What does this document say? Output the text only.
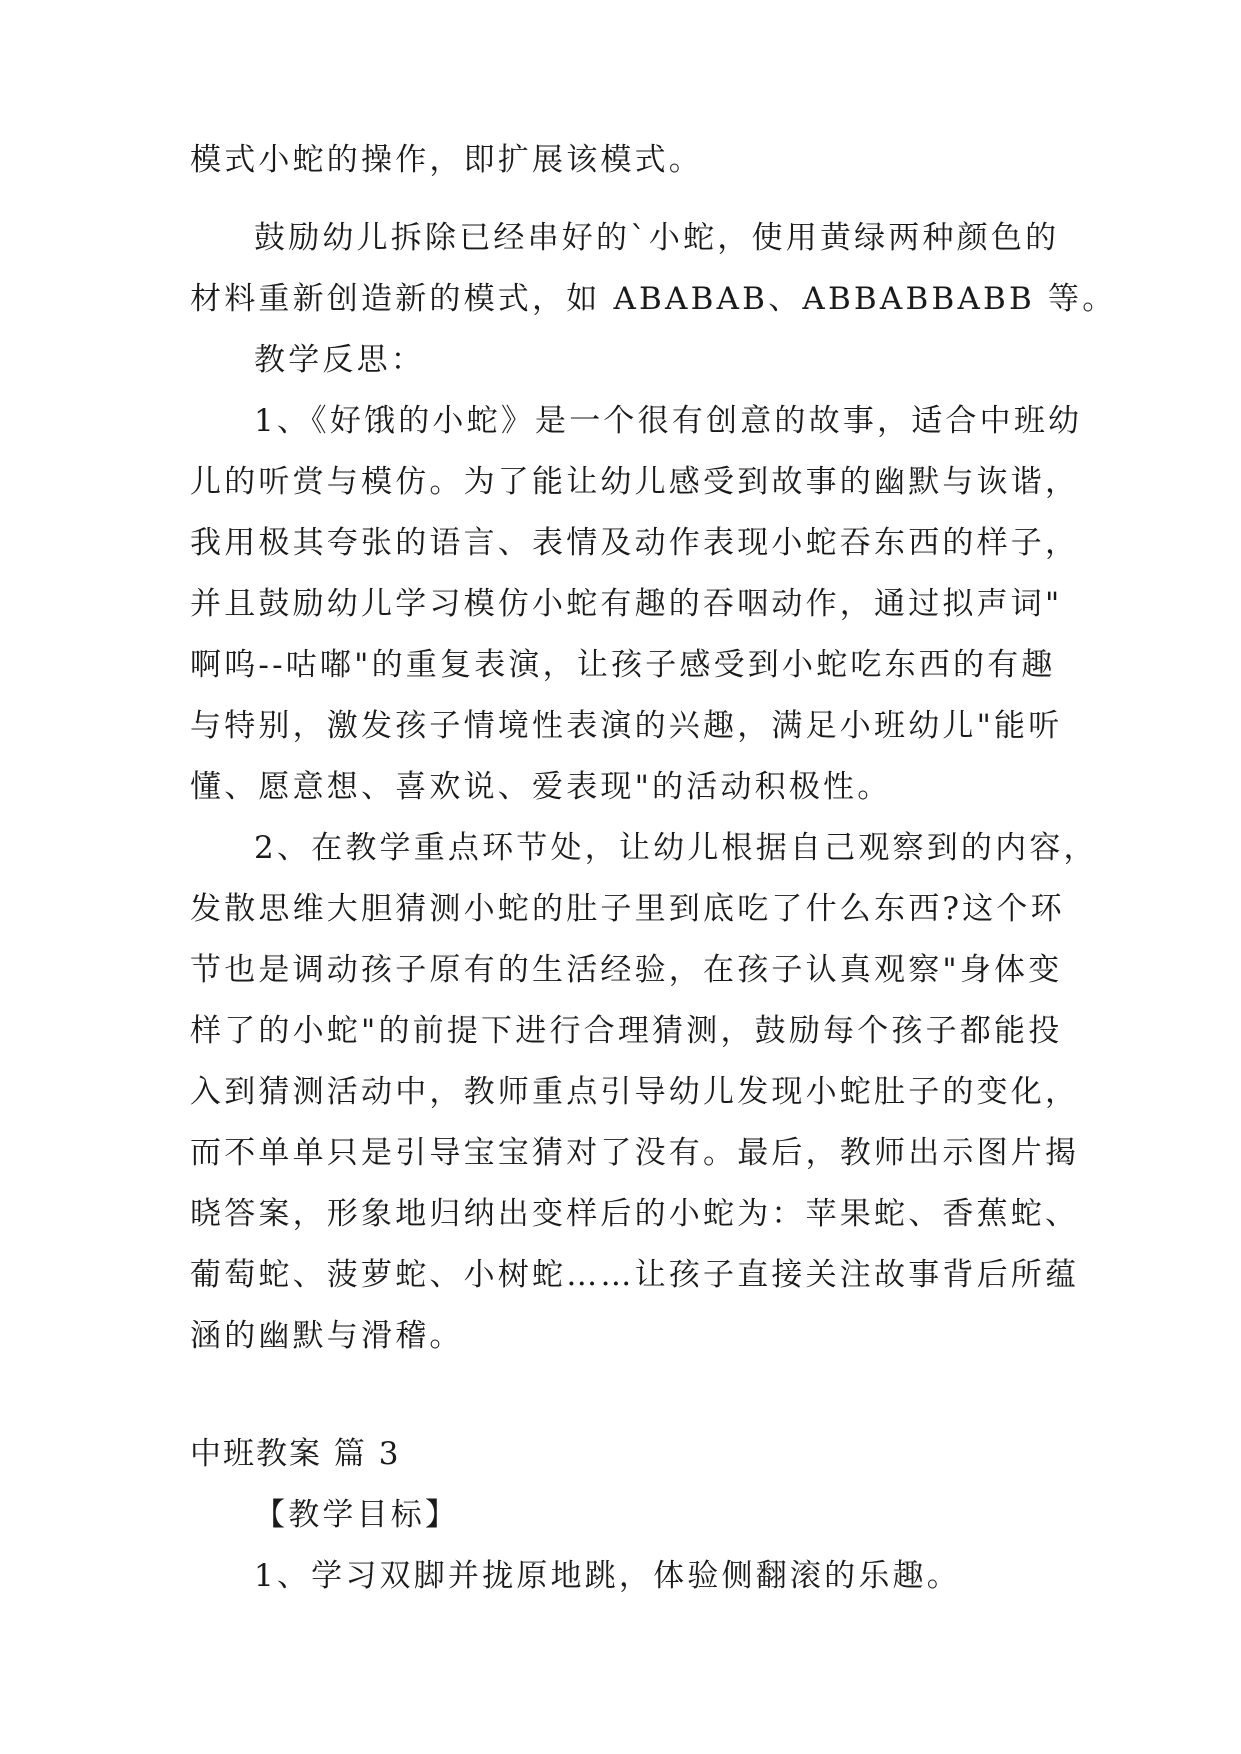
模式小蛇的操作，即扩展该模式。
鼓励幼儿拆除已经串好的`小蛇，使用黄绿两种颜色的
材料重新创造新的模式，如 ABABAB、ABBABBABB 等。
教学反思：
1、《好饿的小蛇》是一个很有创意的故事，适合中班幼
儿的听赏与模仿。为了能让幼儿感受到故事的幽默与诙谐，
我用极其夸张的语言、表情及动作表现小蛇吞东西的样子，
并且鼓励幼儿学习模仿小蛇有趣的吞咽动作，通过拟声词"
啊呜--咕嘟"的重复表演，让孩子感受到小蛇吃东西的有趣
与特别，激发孩子情境性表演的兴趣，满足小班幼儿"能听
懂、愿意想、喜欢说、爱表现"的活动积极性。
2、在教学重点环节处，让幼儿根据自己观察到的内容，
发散思维大胆猜测小蛇的肚子里到底吃了什么东西?这个环
节也是调动孩子原有的生活经验，在孩子认真观察"身体变
样了的小蛇"的前提下进行合理猜测，鼓励每个孩子都能投
入到猜测活动中，教师重点引导幼儿发现小蛇肚子的变化，
而不单单只是引导宝宝猜对了没有。最后，教师出示图片揭
晓答案，形象地归纳出变样后的小蛇为：苹果蛇、香蕉蛇、
葡萄蛇、菠萝蛇、小树蛇……让孩子直接关注故事背后所蕴
涵的幽默与滑稽。
中班教案 篇 3
【教学目标】
1、学习双脚并拢原地跳，体验侧翻滚的乐趣。
